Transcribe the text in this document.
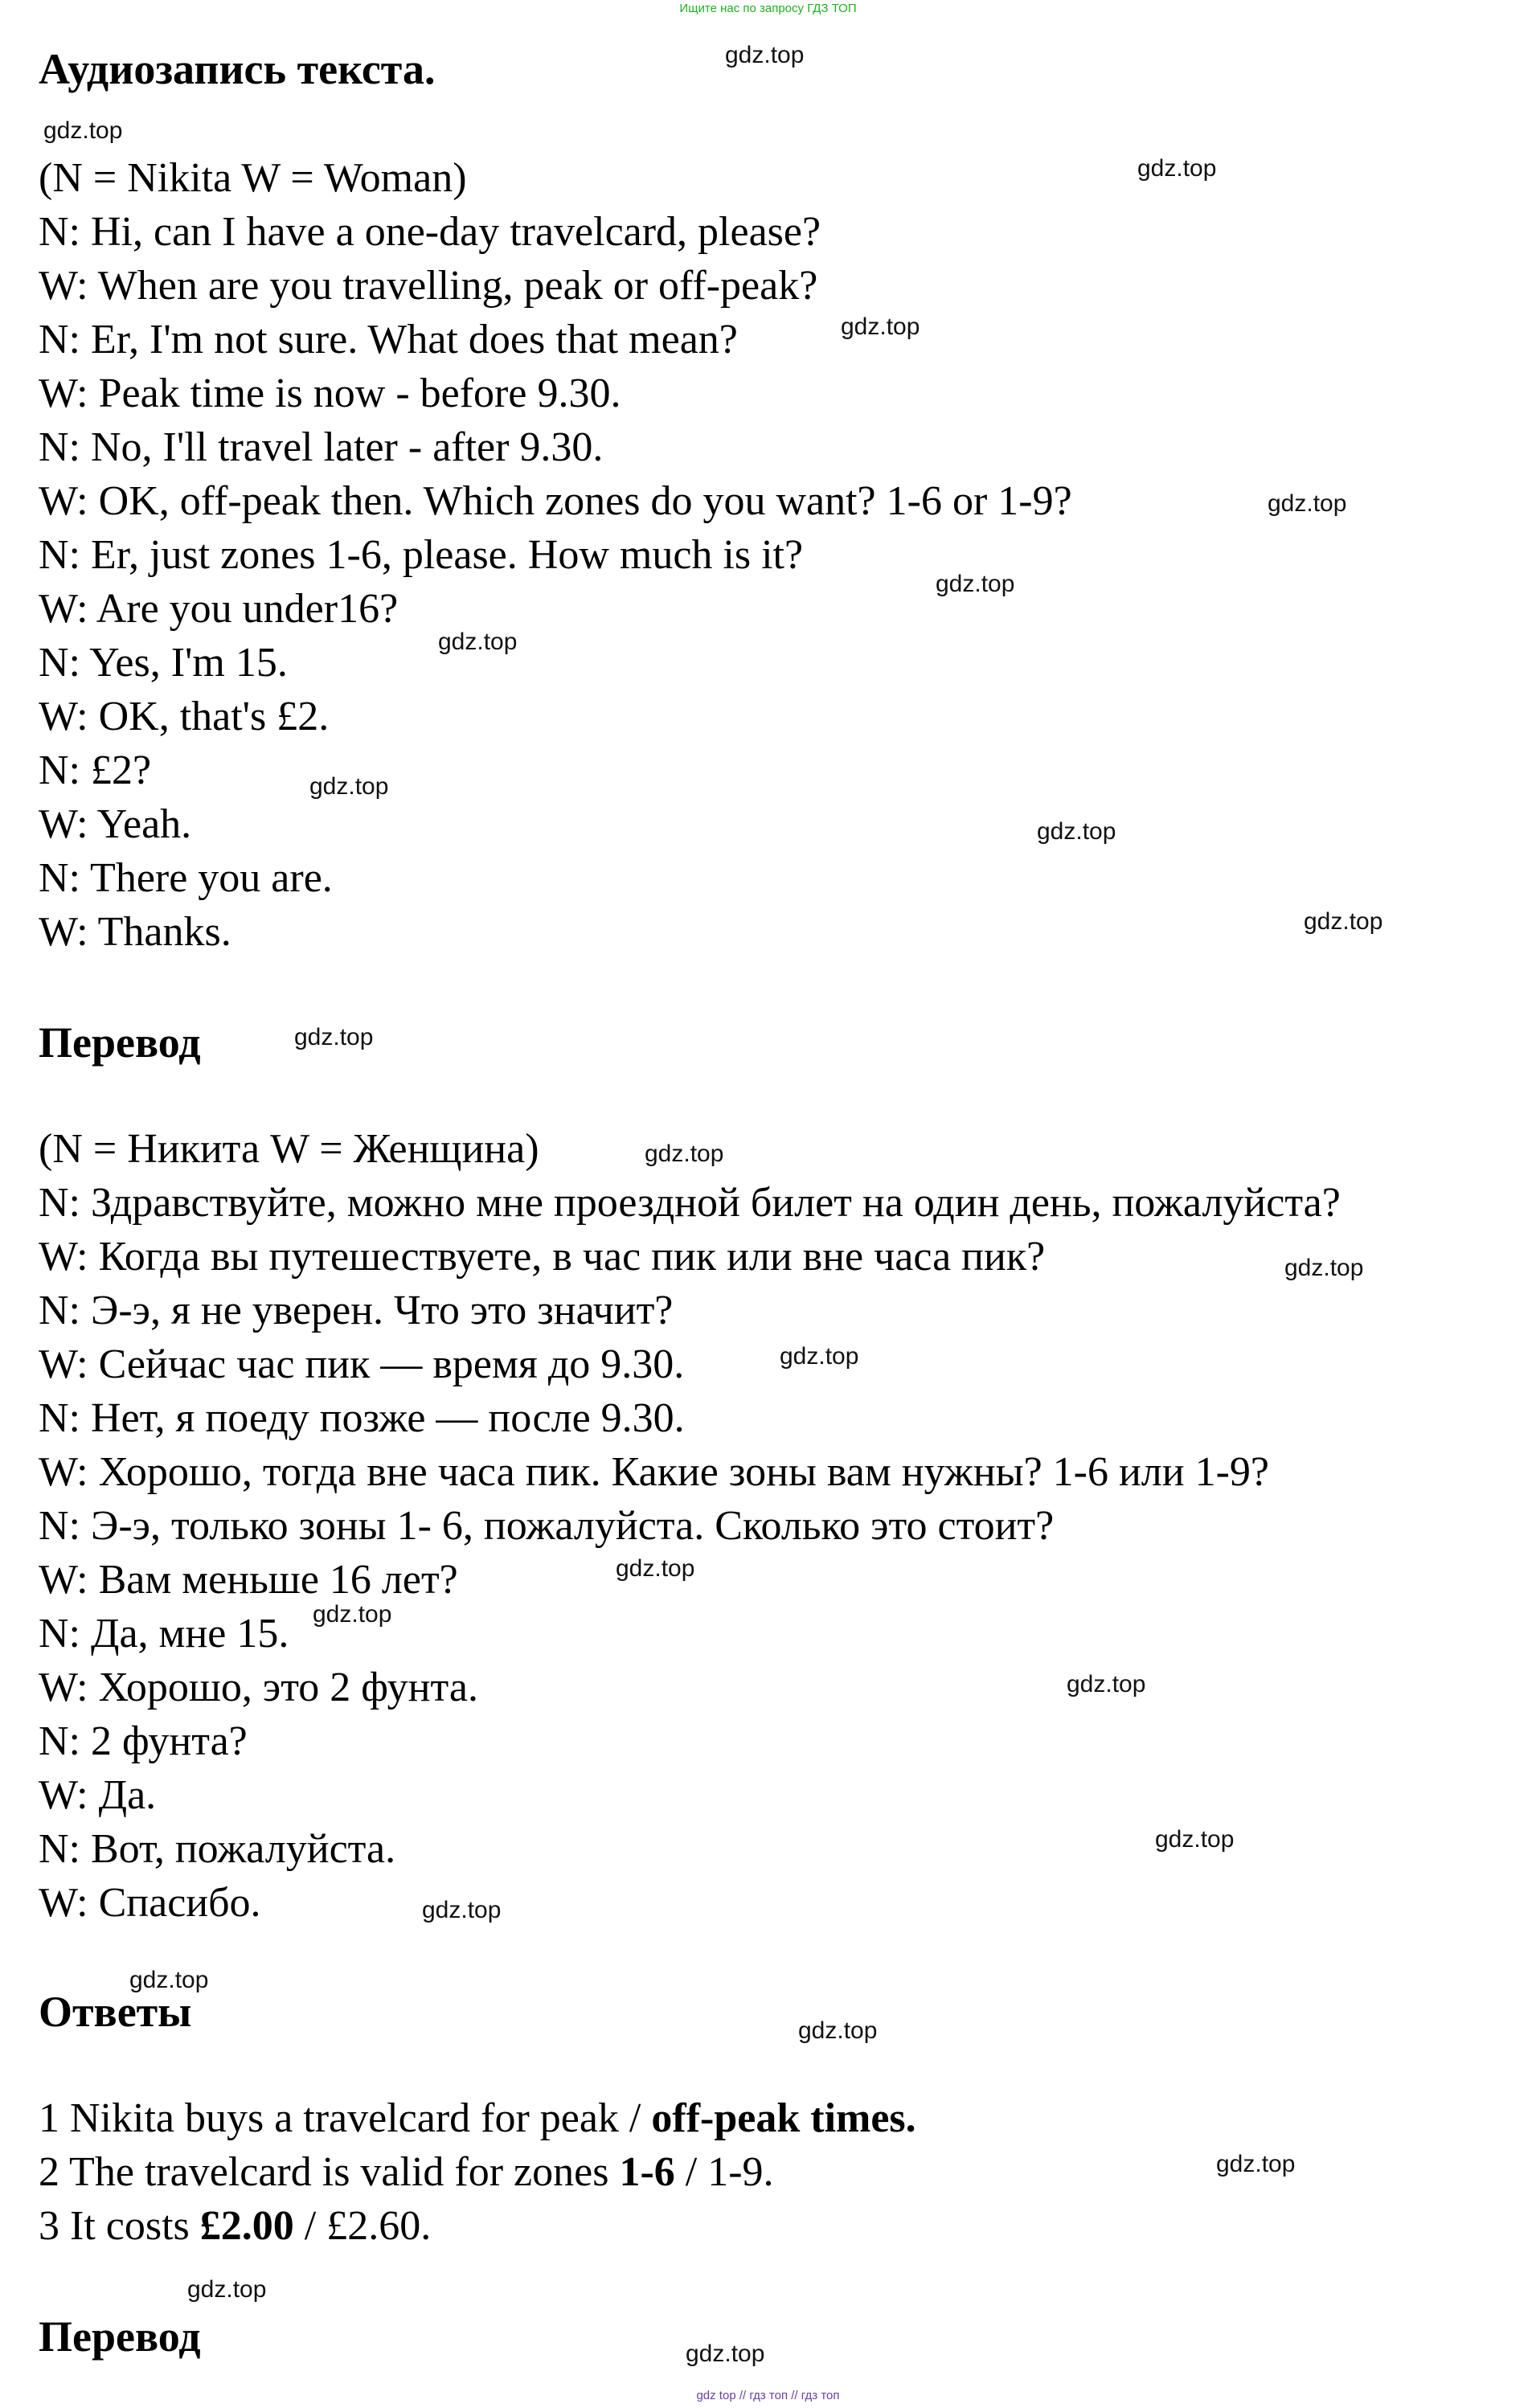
Ищите нас по запросу ГДЗ ТОП
Аудиозапись текста.
(N = Nikita W = Woman)
N: Hi, can I have a one-day travelcard, please?
W: When are you travelling, peak or off-peak?
N: Er, I'm not sure. What does that mean?
W: Peak time is now - before 9.30.
N: No, I'll travel later - after 9.30.
W: OK, off-peak then. Which zones do you want? 1-6 or 1-9?
N: Er, just zones 1-6, please. How much is it?
W: Are you under16?
N: Yes, I'm 15.
W: OK, that's £2.
N: £2?
W: Yeah.
N: There you are.
W: Thanks.
Перевод
(N = Никита W = Женщина)
N: Здравствуйте, можно мне проездной билет на один день, пожалуйста?
W: Когда вы путешествуете, в час пик или вне часа пик?
N: Э-э, я не уверен. Что это значит?
W: Сейчас час пик — время до 9.30.
N: Нет, я поеду позже — после 9.30.
W: Хорошо, тогда вне часа пик. Какие зоны вам нужны? 1-6 или 1-9?
N: Э-э, только зоны 1- 6, пожалуйста. Сколько это стоит?
W: Вам меньше 16 лет?
N: Да, мне 15.
W: Хорошо, это 2 фунта.
N: 2 фунта?
W: Да.
N: Вот, пожалуйста.
W: Спасибо.
Ответы
1 Nikita buys a travelcard for peak / off-peak times.
2 The travelcard is valid for zones 1-6 / 1-9.
3 It costs £2.00 / £2.60.
Перевод
gdz.top
gdz.top
gdz.top
gdz.top
gdz.top
gdz.top
gdz.top
gdz.top
gdz.top
gdz.top
gdz.top
gdz.top
gdz.top
gdz.top
gdz.top
gdz.top
gdz.top
gdz.top
gdz.top
gdz.top
gdz.top
gdz.top
gdz.top
gdz.top
gdz top // гдз топ // гдз топ
